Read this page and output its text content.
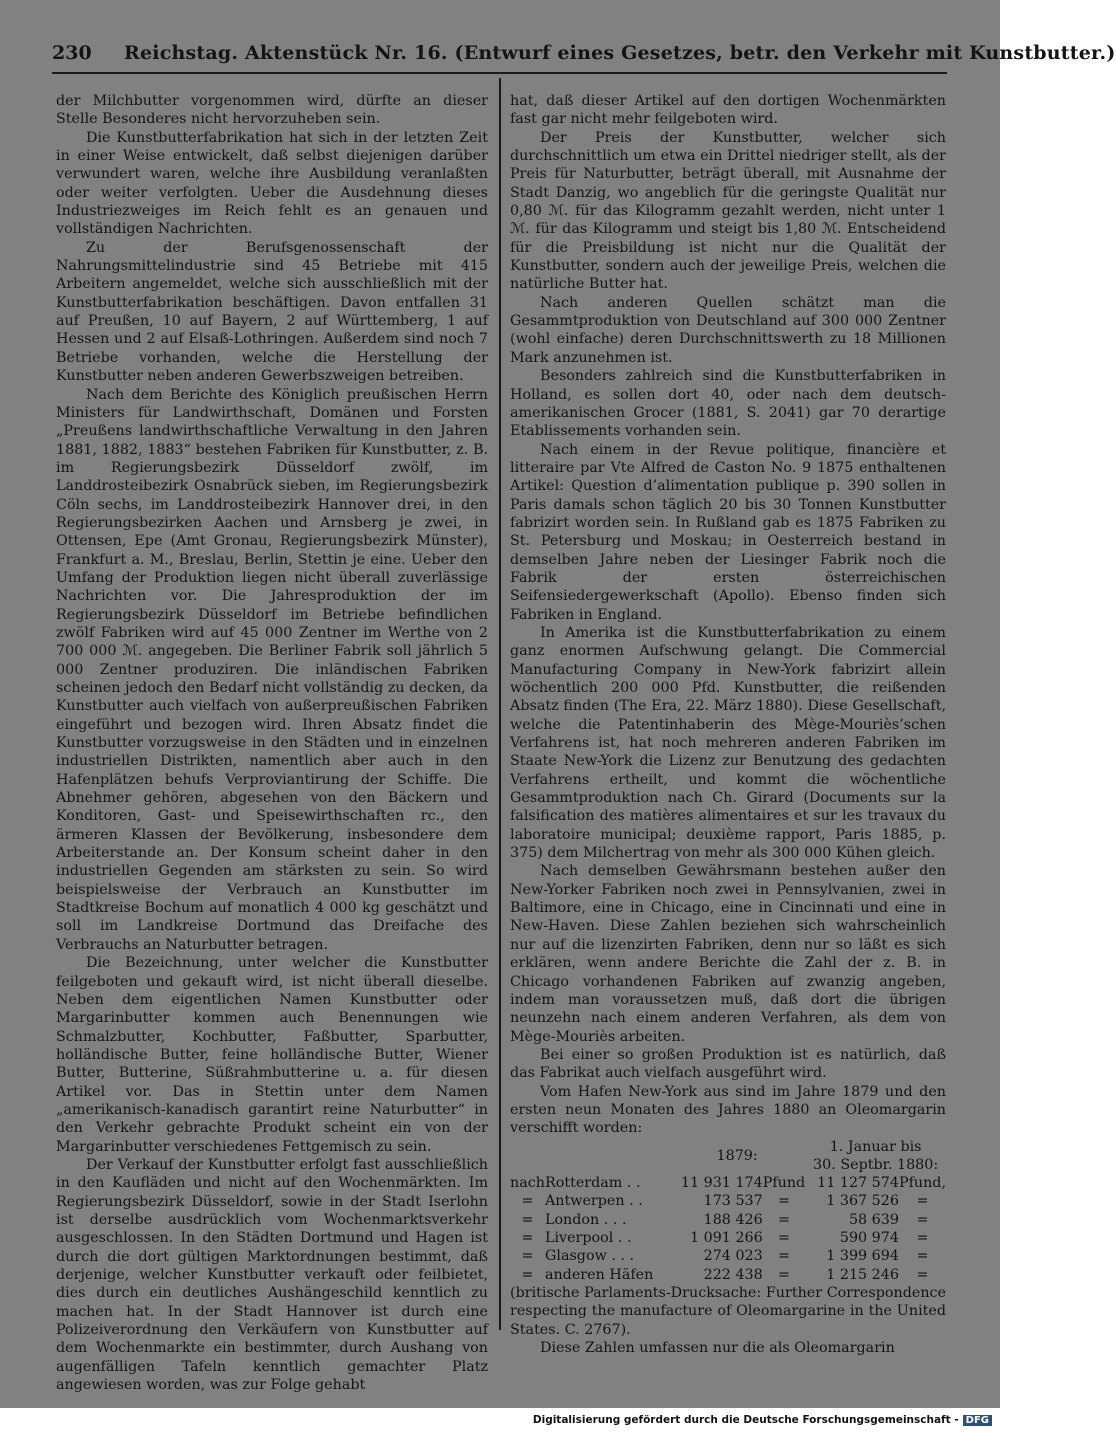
230 Reichstag. Aktenstück Nr. 16. (Entwurf eines Gesetzes, betr. den Verkehr mit Kunstbutter.)

der Milchbutter vorgenommen wird, dürfte an dieser Stelle Besonderes nicht hervorzuheben sein.

Die Kunstbutterfabrikation hat sich in der letzten Zeit in einer Weise entwickelt, daß selbst diejenigen darüber verwundert waren, welche ihre Ausbildung veranlaßten oder weiter verfolgten. Ueber die Ausdehnung dieses Industriezweiges im Reich fehlt es an genauen und vollständigen Nachrichten.

Zu der Berufsgenossenschaft der Nahrungsmittelindustrie sind 45 Betriebe mit 415 Arbeitern angemeldet, welche sich ausschließlich mit der Kunstbutterfabrikation beschäftigen. Davon entfallen 31 auf Preußen, 10 auf Bayern, 2 auf Württemberg, 1 auf Hessen und 2 auf Elsaß-Lothringen. Außerdem sind noch 7 Betriebe vorhanden, welche die Herstellung der Kunstbutter neben anderen Gewerbszweigen betreiben.

Nach dem Berichte des Königlich preußischen Herrn Ministers für Landwirthschaft, Domänen und Forsten „Preußens landwirthschaftliche Verwaltung in den Jahren 1881, 1882, 1883“ bestehen Fabriken für Kunstbutter, z. B. im Regierungsbezirk Düsseldorf zwölf, im Landdrosteibezirk Osnabrück sieben, im Regierungsbezirk Cöln sechs, im Landdrosteibezirk Hannover drei, in den Regierungsbezirken Aachen und Arnsberg je zwei, in Ottensen, Epe (Amt Gronau, Regierungsbezirk Münster), Frankfurt a. M., Breslau, Berlin, Stettin je eine. Ueber den Umfang der Produktion liegen nicht überall zuverlässige Nachrichten vor. Die Jahresproduktion der im Regierungsbezirk Düsseldorf im Betriebe befindlichen zwölf Fabriken wird auf 45 000 Zentner im Werthe von 2 700 000 ℳ. angegeben. Die Berliner Fabrik soll jährlich 5 000 Zentner produziren. Die inländischen Fabriken scheinen jedoch den Bedarf nicht vollständig zu decken, da Kunstbutter auch vielfach von außerpreußischen Fabriken eingeführt und bezogen wird. Ihren Absatz findet die Kunstbutter vorzugsweise in den Städten und in einzelnen industriellen Distrikten, namentlich aber auch in den Hafenplätzen behufs Verproviantirung der Schiffe. Die Abnehmer gehören, abgesehen von den Bäckern und Konditoren, Gast- und Speisewirthschaften rc., den ärmeren Klassen der Bevölkerung, insbesondere dem Arbeiterstande an. Der Konsum scheint daher in den industriellen Gegenden am stärksten zu sein. So wird beispielsweise der Verbrauch an Kunstbutter im Stadtkreise Bochum auf monatlich 4 000 kg geschätzt und soll im Landkreise Dortmund das Dreifache des Verbrauchs an Naturbutter betragen.

Die Bezeichnung, unter welcher die Kunstbutter feilgeboten und gekauft wird, ist nicht überall dieselbe. Neben dem eigentlichen Namen Kunstbutter oder Margarinbutter kommen auch Benennungen wie Schmalzbutter, Kochbutter, Faßbutter, Sparbutter, holländische Butter, feine holländische Butter, Wiener Butter, Butterine, Süßrahmbutterine u. a. für diesen Artikel vor. Das in Stettin unter dem Namen „amerikanisch-kanadisch garantirt reine Naturbutter“ in den Verkehr gebrachte Produkt scheint ein von der Margarinbutter verschiedenes Fettgemisch zu sein.

Der Verkauf der Kunstbutter erfolgt fast ausschließlich in den Kaufläden und nicht auf den Wochenmärkten. Im Regierungsbezirk Düsseldorf, sowie in der Stadt Iserlohn ist derselbe ausdrücklich vom Wochenmarktsverkehr ausgeschlossen. In den Städten Dortmund und Hagen ist durch die dort gültigen Marktordnungen bestimmt, daß derjenige, welcher Kunstbutter verkauft oder feilbietet, dies durch ein deutliches Aushängeschild kenntlich zu machen hat. In der Stadt Hannover ist durch eine Polizeiverordnung den Verkäufern von Kunstbutter auf dem Wochenmarkte ein bestimmter, durch Aushang von augenfälligen Tafeln kenntlich gemachter Platz angewiesen worden, was zur Folge gehabt

hat, daß dieser Artikel auf den dortigen Wochenmärkten fast gar nicht mehr feilgeboten wird.

Der Preis der Kunstbutter, welcher sich durchschnittlich um etwa ein Drittel niedriger stellt, als der Preis für Naturbutter, beträgt überall, mit Ausnahme der Stadt Danzig, wo angeblich für die geringste Qualität nur 0,80 ℳ. für das Kilogramm gezahlt werden, nicht unter 1 ℳ. für das Kilogramm und steigt bis 1,80 ℳ. Entscheidend für die Preisbildung ist nicht nur die Qualität der Kunstbutter, sondern auch der jeweilige Preis, welchen die natürliche Butter hat.

Nach anderen Quellen schätzt man die Gesammtproduktion von Deutschland auf 300 000 Zentner (wohl einfache) deren Durchschnittswerth zu 18 Millionen Mark anzunehmen ist.

Besonders zahlreich sind die Kunstbutterfabriken in Holland, es sollen dort 40, oder nach dem deutsch-amerikanischen Grocer (1881, S. 2041) gar 70 derartige Etablissements vorhanden sein.

Nach einem in der Revue politique, financière et litteraire par Vte Alfred de Caston No. 9 1875 enthaltenen Artikel: Question d’alimentation publique p. 390 sollen in Paris damals schon täglich 20 bis 30 Tonnen Kunstbutter fabrizirt worden sein. In Rußland gab es 1875 Fabriken zu St. Petersburg und Moskau; in Oesterreich bestand in demselben Jahre neben der Liesinger Fabrik noch die Fabrik der ersten österreichischen Seifensiedergewerkschaft (Apollo). Ebenso finden sich Fabriken in England.

In Amerika ist die Kunstbutterfabrikation zu einem ganz enormen Aufschwung gelangt. Die Commercial Manufacturing Company in New-York fabrizirt allein wöchentlich 200 000 Pfd. Kunstbutter, die reißenden Absatz finden (The Era, 22. März 1880). Diese Gesellschaft, welche die Patentinhaberin des Mège-Mouriès’schen Verfahrens ist, hat noch mehreren anderen Fabriken im Staate New-York die Lizenz zur Benutzung des gedachten Verfahrens ertheilt, und kommt die wöchentliche Gesammtproduktion nach Ch. Girard (Documents sur la falsification des matières alimentaires et sur les travaux du laboratoire municipal; deuxième rapport, Paris 1885, p. 375) dem Milchertrag von mehr als 300 000 Kühen gleich.

Nach demselben Gewährsmann bestehen außer den New-Yorker Fabriken noch zwei in Pennsylvanien, zwei in Baltimore, eine in Chicago, eine in Cincinnati und eine in New-Haven. Diese Zahlen beziehen sich wahrscheinlich nur auf die lizenzirten Fabriken, denn nur so läßt es sich erklären, wenn andere Berichte die Zahl der z. B. in Chicago vorhandenen Fabriken auf zwanzig angeben, indem man voraussetzen muß, daß dort die übrigen neunzehn nach einem anderen Verfahren, als dem von Mège-Mouriès arbeiten.

Bei einer so großen Produktion ist es natürlich, daß das Fabrikat auch vielfach ausgeführt wird.

Vom Hafen New-York aus sind im Jahre 1879 und den ersten neun Monaten des Jahres 1880 an Oleomargarin verschifft worden:

		1879:		1. Januar bis
30. Septbr. 1880:	
nach	Rotterdam . .	11 931 174	Pfund	11 127 574	Pfund,
=	Antwerpen . .	173 537	=	1 367 526	=
=	London . . .	188 426	=	58 639	=
=	Liverpool . .	1 091 266	=	590 974	=
=	Glasgow . . .	274 023	=	1 399 694	=
=	anderen Häfen	222 438	=	1 215 246	=

(britische Parlaments-Drucksache: Further Correspondence respecting the manufacture of Oleomargarine in the United States. C. 2767).

Diese Zahlen umfassen nur die als Oleomargarin

Digitalisierung gefördert durch die Deutsche Forschungsgemeinschaft - DFG
